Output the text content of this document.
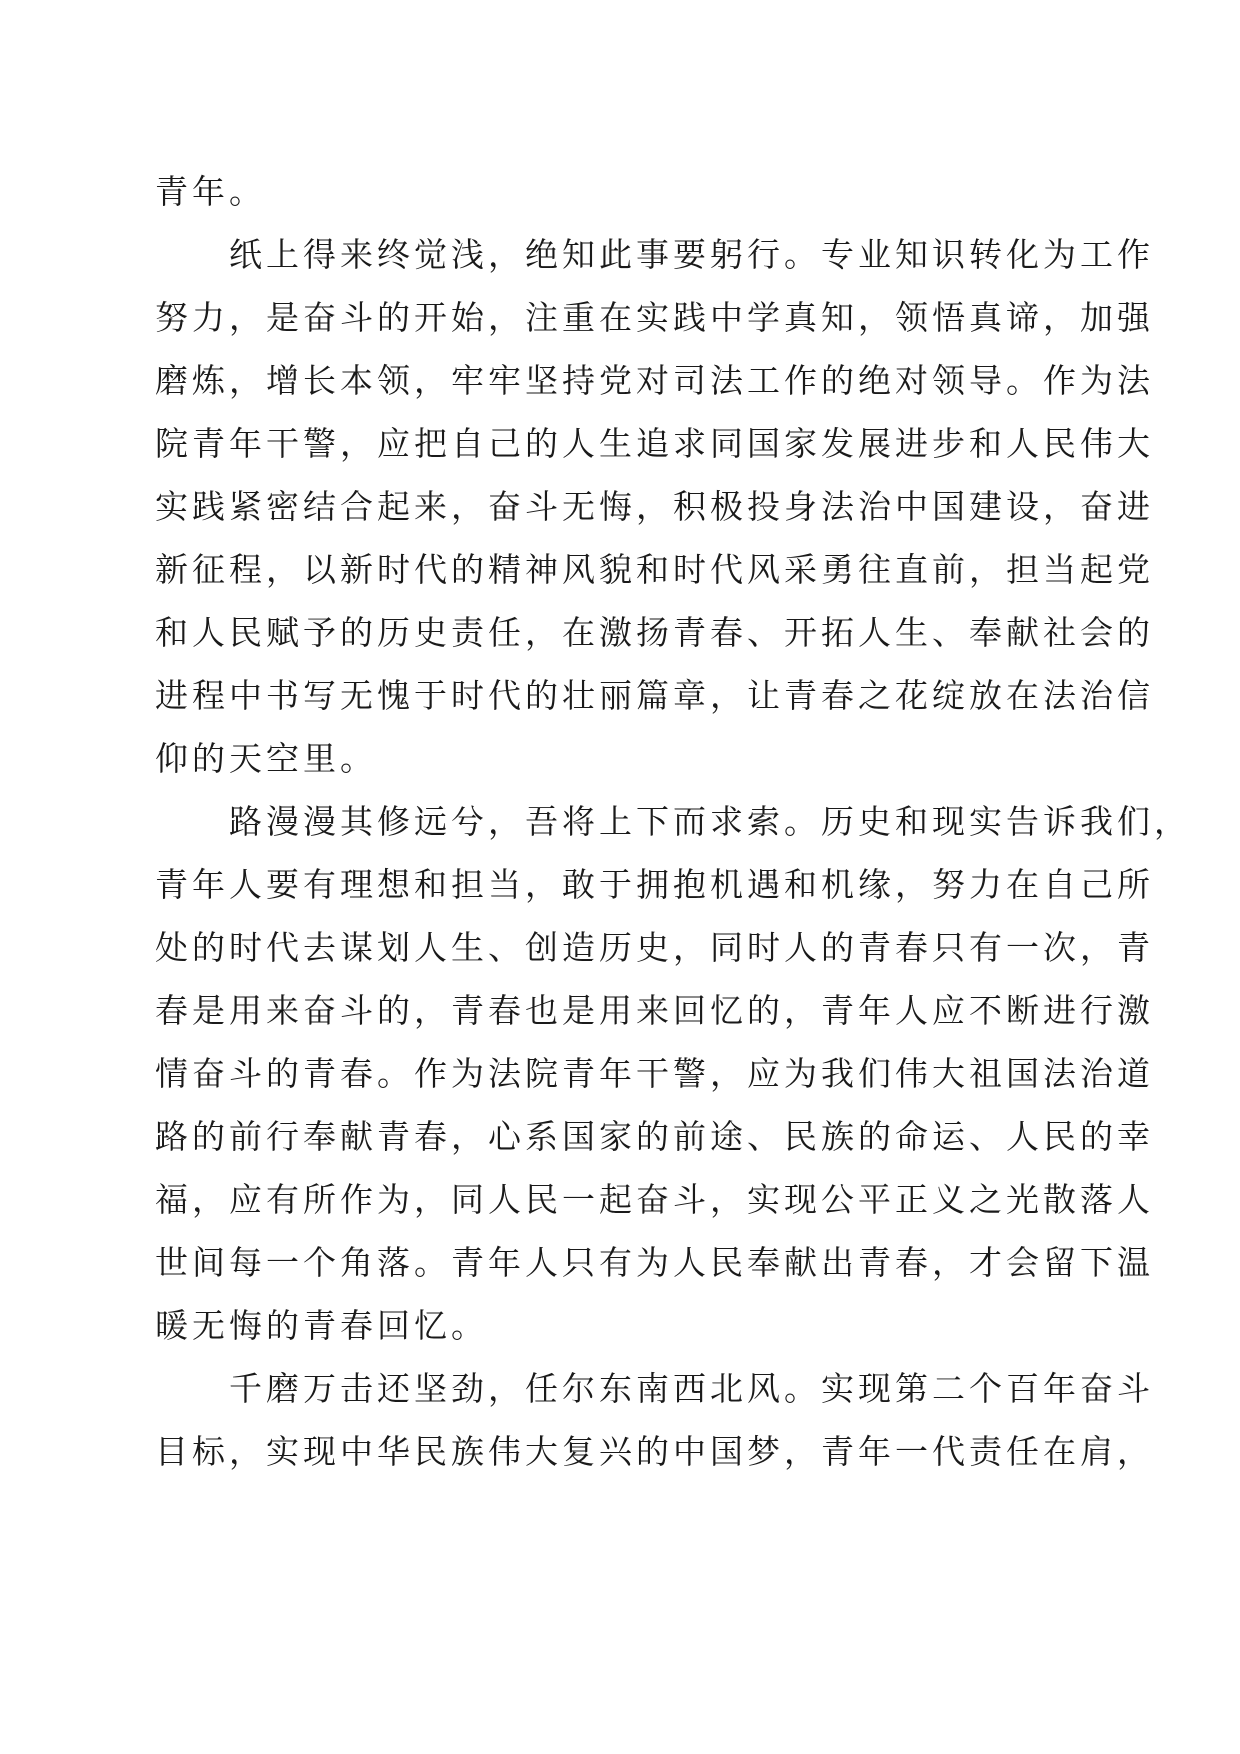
青年。
纸上得来终觉浅，绝知此事要躬行。专业知识转化为工作
努力，是奋斗的开始，注重在实践中学真知，领悟真谛，加强
磨炼，增长本领，牢牢坚持党对司法工作的绝对领导。作为法
院青年干警，应把自己的人生追求同国家发展进步和人民伟大
实践紧密结合起来，奋斗无悔，积极投身法治中国建设，奋进
新征程，以新时代的精神风貌和时代风采勇往直前，担当起党
和人民赋予的历史责任，在激扬青春、开拓人生、奉献社会的
进程中书写无愧于时代的壮丽篇章，让青春之花绽放在法治信
仰的天空里。
路漫漫其修远兮，吾将上下而求索。历史和现实告诉我们，
青年人要有理想和担当，敢于拥抱机遇和机缘，努力在自己所
处的时代去谋划人生、创造历史，同时人的青春只有一次，青
春是用来奋斗的，青春也是用来回忆的，青年人应不断进行激
情奋斗的青春。作为法院青年干警，应为我们伟大祖国法治道
路的前行奉献青春，心系国家的前途、民族的命运、人民的幸
福，应有所作为，同人民一起奋斗，实现公平正义之光散落人
世间每一个角落。青年人只有为人民奉献出青春，才会留下温
暖无悔的青春回忆。
千磨万击还坚劲，任尔东南西北风。实现第二个百年奋斗
目标，实现中华民族伟大复兴的中国梦，青年一代责任在肩，
